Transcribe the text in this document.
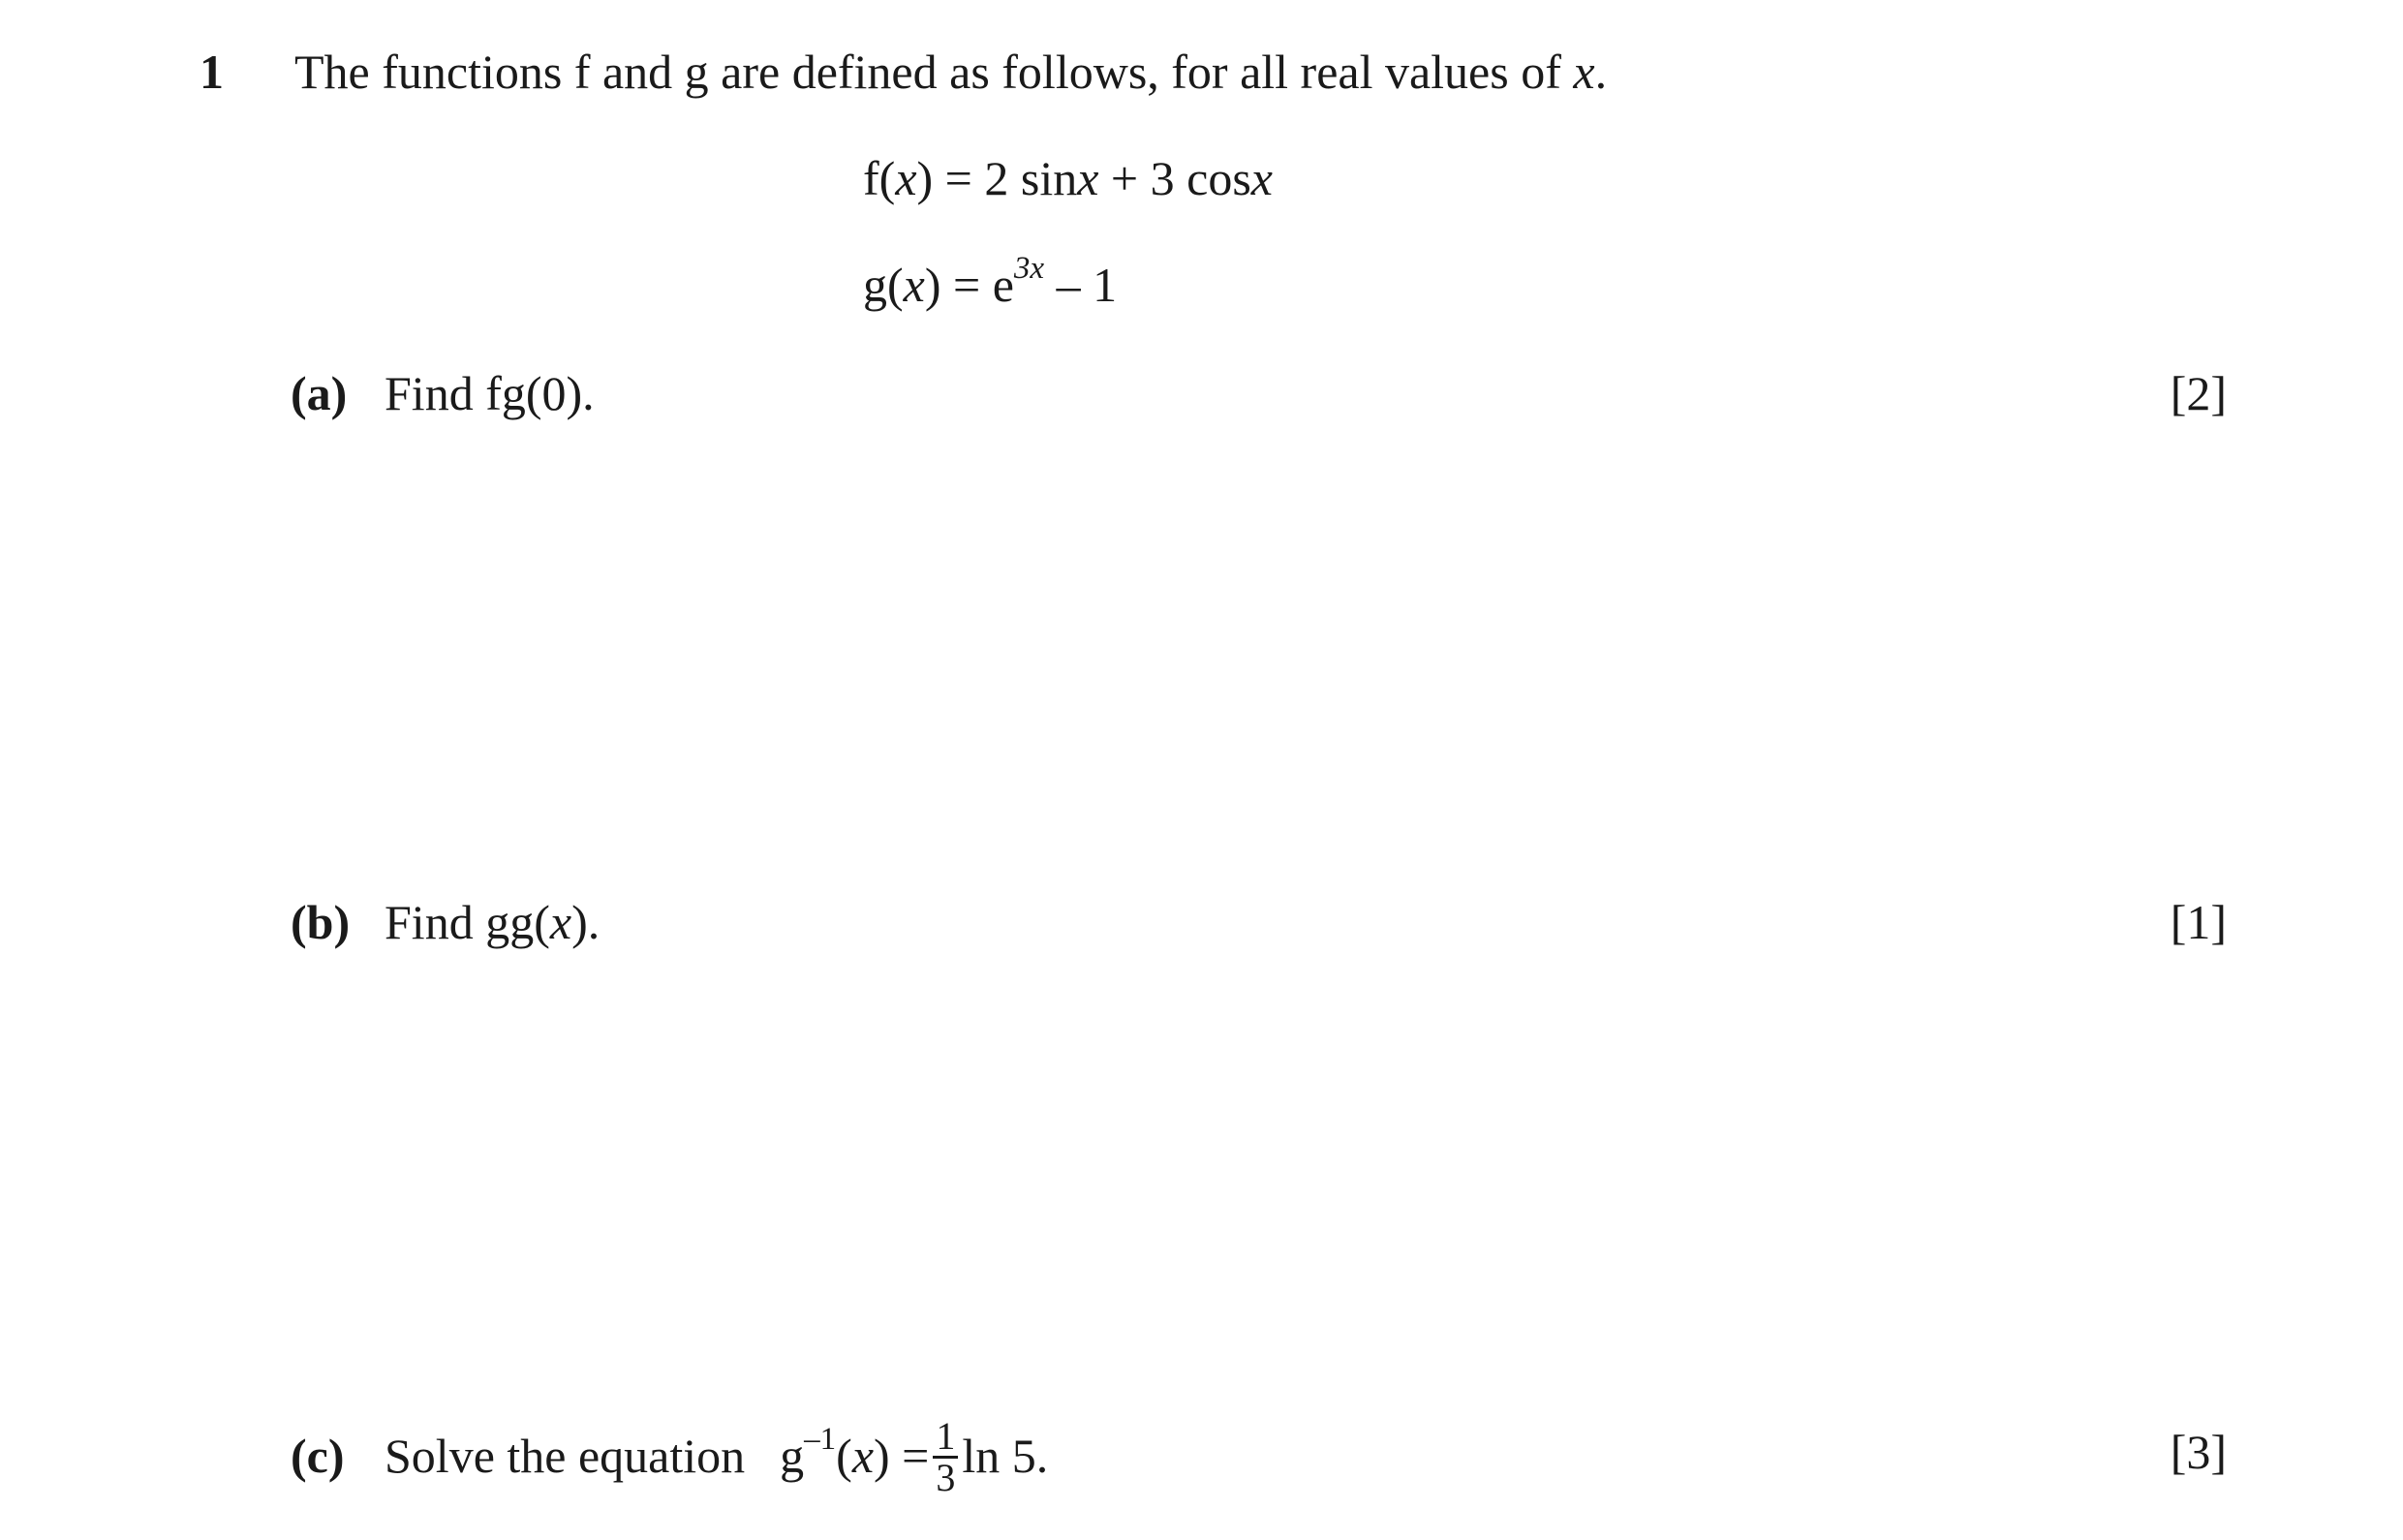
1 The functions f and g are defined as follows, for all real values of x.
f(x) = 2 sinx + 3 cosx
$g(x) = e^{3x} - 1$
(a) Find fg(0).	[2]
(b) Find gg(x).	[1]
(c) Solve the equation $g^{-1}(x) = \frac{1}{3}$ ln 5.	[3]
